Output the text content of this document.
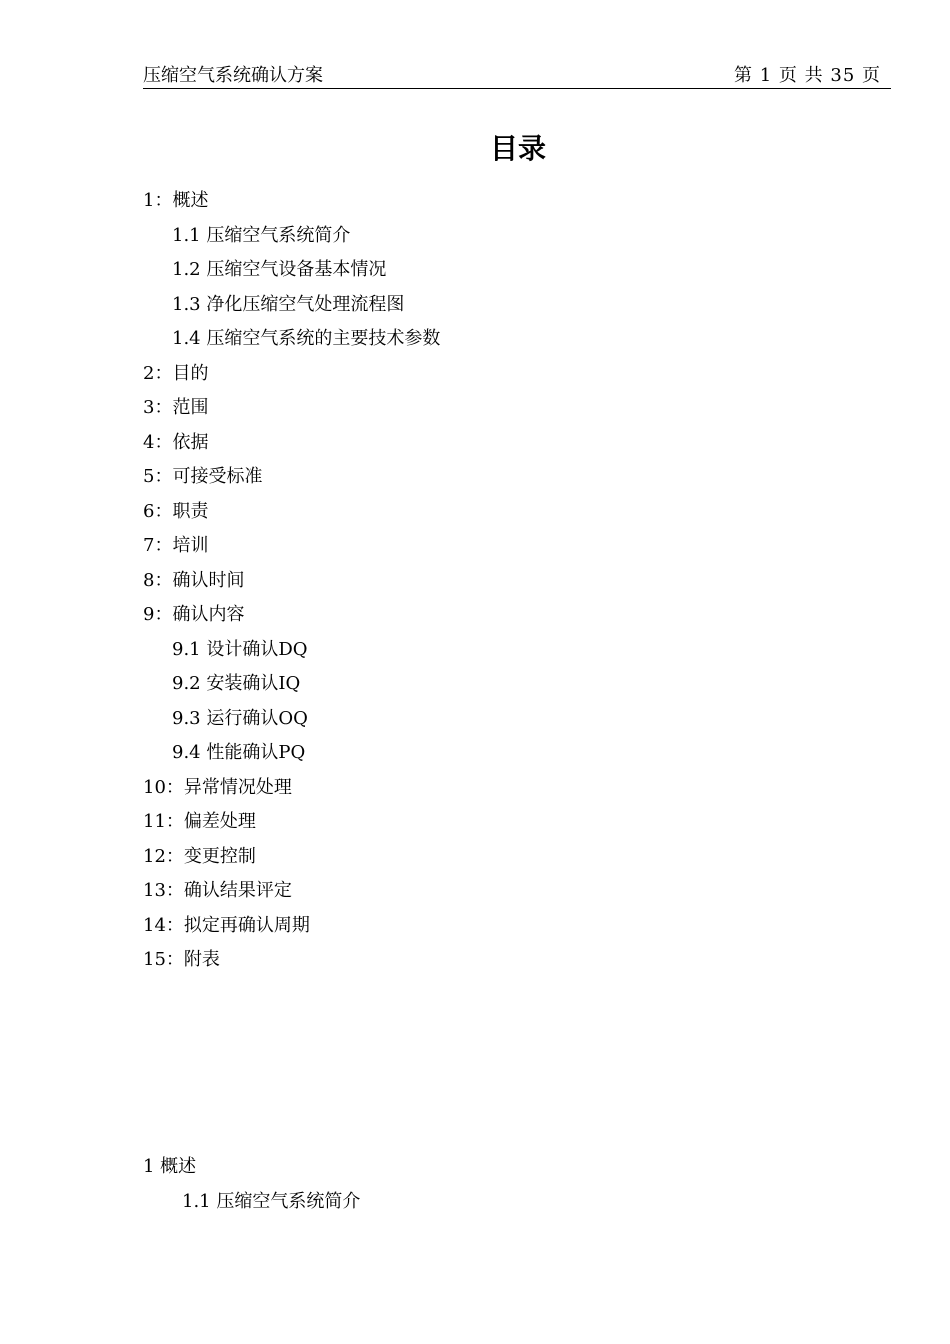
压缩空气系统确认方案	第 1 页 共 35 页
目录
1：概述
1.1 压缩空气系统简介
1.2 压缩空气设备基本情况
1.3 净化压缩空气处理流程图
1.4 压缩空气系统的主要技术参数
2：目的
3：范围
4：依据
5：可接受标准
6：职责
7：培训
8：确认时间
9：确认内容
9.1 设计确认DQ
9.2 安装确认IQ
9.3 运行确认OQ
9.4 性能确认PQ
10：异常情况处理
11：偏差处理
12：变更控制
13：确认结果评定
14：拟定再确认周期
15：附表
1 概述
1.1 压缩空气系统简介
